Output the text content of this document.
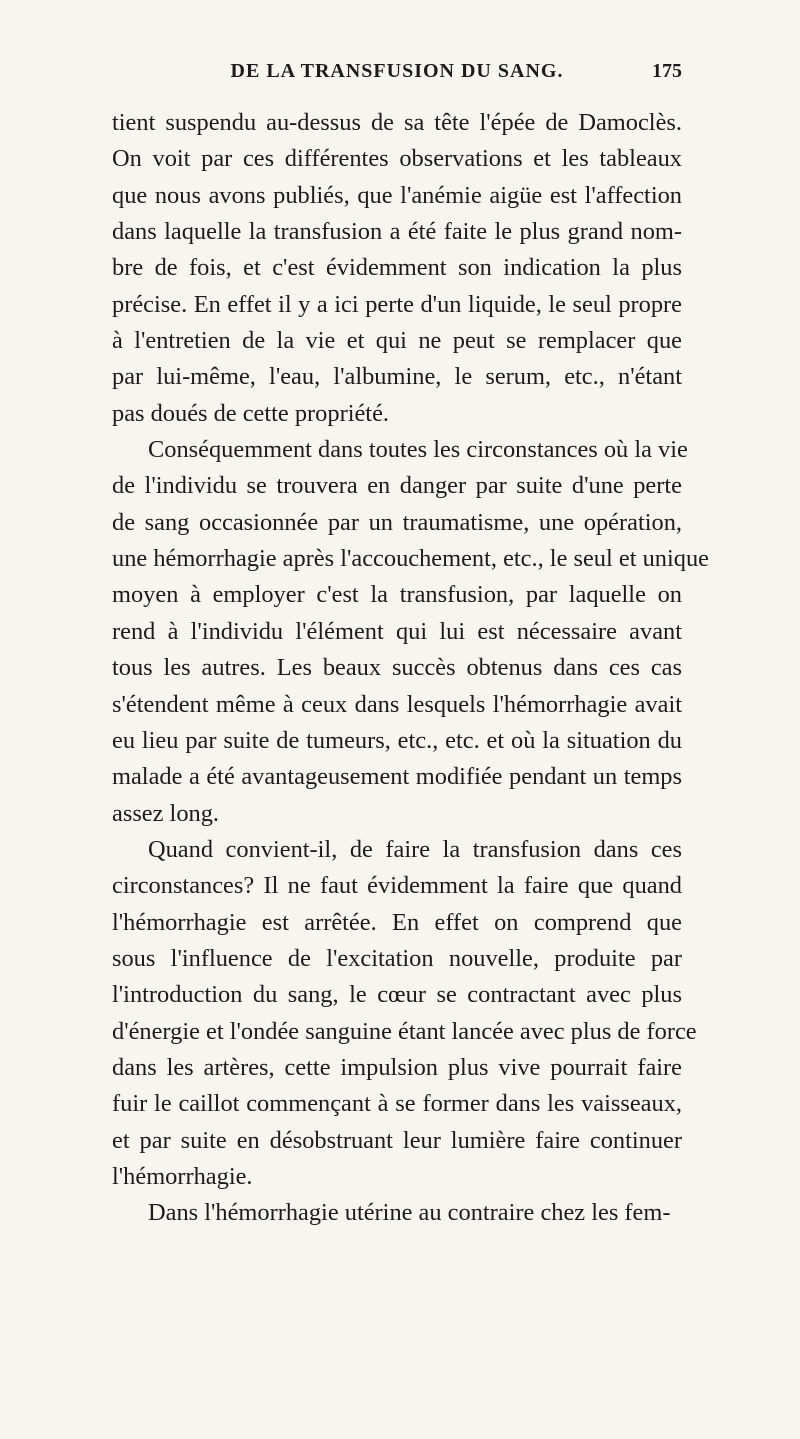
DE LA TRANSFUSION DU SANG.	175
tient suspendu au-dessus de sa tête l'épée de Damoclès.
On voit par ces différentes observations et les tableaux
que nous avons publiés, que l'anémie aigüe est l'affection
dans laquelle la transfusion a été faite le plus grand nom-
bre de fois, et c'est évidemment son indication la plus
précise. En effet il y a ici perte d'un liquide, le seul propre
à l'entretien de la vie et qui ne peut se remplacer que
par lui-même, l'eau, l'albumine, le serum, etc., n'étant
pas doués de cette propriété.
Conséquemment dans toutes les circonstances où la vie
de l'individu se trouvera en danger par suite d'une perte
de sang occasionnée par un traumatisme, une opération,
une hémorrhagie après l'accouchement, etc., le seul et unique
moyen à employer c'est la transfusion, par laquelle on
rend à l'individu l'élément qui lui est nécessaire avant
tous les autres. Les beaux succès obtenus dans ces cas
s'étendent même à ceux dans lesquels l'hémorrhagie avait
eu lieu par suite de tumeurs, etc., etc. et où la situation du
malade a été avantageusement modifiée pendant un temps
assez long.
Quand convient-il, de faire la transfusion dans ces
circonstances? Il ne faut évidemment la faire que quand
l'hémorrhagie est arrêtée. En effet on comprend que
sous l'influence de l'excitation nouvelle, produite par
l'introduction du sang, le cœur se contractant avec plus
d'énergie et l'ondée sanguine étant lancée avec plus de force
dans les artères, cette impulsion plus vive pourrait faire
fuir le caillot commençant à se former dans les vaisseaux,
et par suite en désobstruant leur lumière faire continuer
l'hémorrhagie.
Dans l'hémorrhagie utérine au contraire chez les fem-
